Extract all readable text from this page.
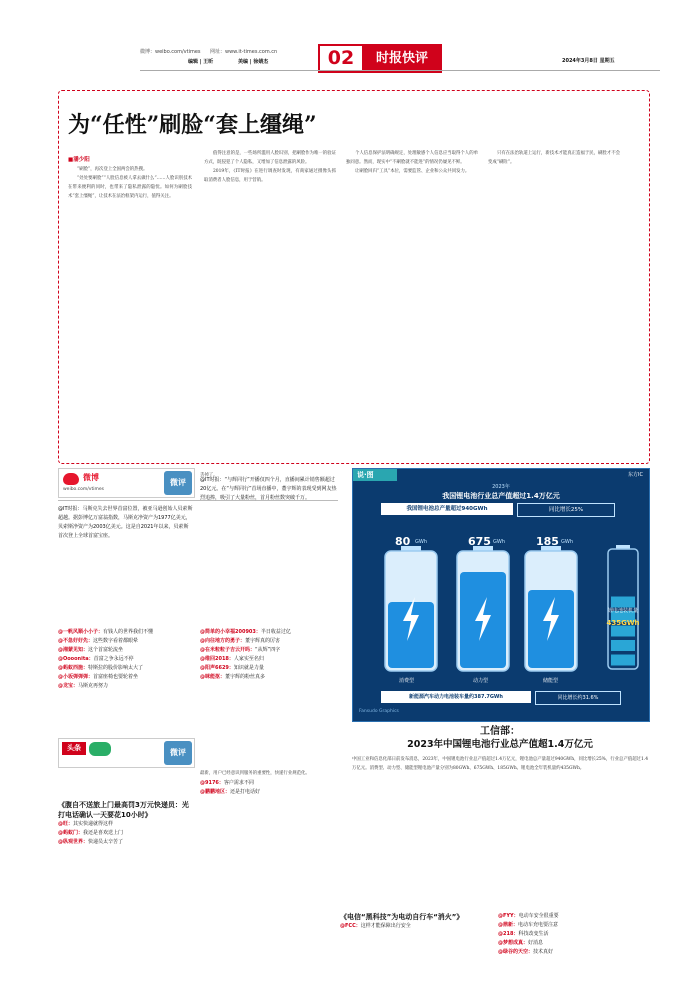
微博：weibo.com/vtimes 网址：www.it-times.com.cn
编辑 | 王昕	美编 | 徐婧杰	02	时报快评	2024年3月8日 星期五
为“任性”刷脸“套上缰绳”
■潘少阳

“刷脸”，再次登上全国两会的热搜。

“处处要刷脸”“人脸信息被人拿去做什么”……人脸识别技术在带来便利的同时，也带来了隐私泄露的隐忧。如何为刷脸技术“套上缰绳”，让技术在法治框架内运行，值得关注。

值得注意的是，一些场所滥用人脸识别，把刷脸作为唯一的验证方式，既侵犯了个人隐私，又增加了信息泄露的风险。

2019年，《IT时报》在进行调查时发现，有商家通过摄像头抓取消费者人脸信息，用于营销。

个人信息保护法明确规定，处理敏感个人信息应当取得个人的单独同意。然而，现实中“不刷脸就不能进”的情况仍屡见不鲜。

让刷脸回归“工具”本位，需要监管、企业和公众共同发力。

只有在法治轨道上运行，新技术才能真正造福于民，刷脸才不会变成“刷险”。

丢掉了。
微博
weibo.com/vtimes
微评
@IT时报：马斯克失去世界首富位置，被亚马逊创始人贝索斯超越。据彭博亿万富翁指数，马斯克净资产为1977亿美元，贝索斯净资产为2003亿美元。这是自2021年以来，贝索斯首次登上全球首富宝座。
@一帆风顺小小子：有钱人的世界我们不懂
@不急好好先：这些数字看着都眼晕
@湘蒙见知：这个首富轮流坐
@Oooonita：首富之争永远不停
@蚂蚁西施：特斯拉的股价影响太大了
@小坂弹弹弹：首富座椅也要轮着坐
@龙宝：马斯克再努力
@IT时报：“与辉同行”开播仅四个月，直播间累计销售额超过20亿元。在“与辉同行”首场直播中，董宇辉的表现受到网友热烈追捧，吸引了大量粉丝，首月粉丝数突破千万。
@简单的小幸福200903：半日收益过亿
@向往地方的勇子：董宇辉真的厉害
@在米粒粒子吉云开吗：“从辉”四字
@维回2018：人家实至名归
@阳声6629：知识就是力量
@咪能抠：董宇辉的粉丝真多
头条	微评
《腹自不送旅上门最高罚3万元快递员：光打电话确认一天要花10小时》
@旺：其实快递就得这样
@蚂蚁门：我还是喜欢送上门
@纵观世界：快递员太辛苦了
最新，用户已经意识到服务的重要性，快递行业规范化。
@9176：客户需求不同
@鹏鹏地区：还是打电话好
《电信“黑科技”为电动自行车“消火”》
@FCC：这样才能保障出行安全
@FYY：电动车安全很重要
@鼎新：电动车充电要注意
@218：科技改变生活
@梦想成真：好消息
@绿谷的天空：技术真好
说·图	东方IC
2023年
我国锂电池行业总产值超过1.4万亿元
我国锂电池总产量超过940GWh	同比增长25%
80	675	185
GWh	GWh	GWh
消费型	动力型	储能型
锂电池装机量
435GWh
新能源汽车动力电池装车量约387.7GWh	同比增长约31.6%
Fansudo Graphics
工信部：
2023年中国锂电池行业总产值超1.4万亿元
中国工业和信息化部日前发布消息，2023年，中国锂电池行业总产值超过1.4万亿元，锂电池总产量超过940GWh，同比增长25%，行业总产值超过1.4万亿元。消费型、动力型、储能型锂电池产量分别为80GWh、675GWh、185GWh。锂电池全年装机量约435GWh。
